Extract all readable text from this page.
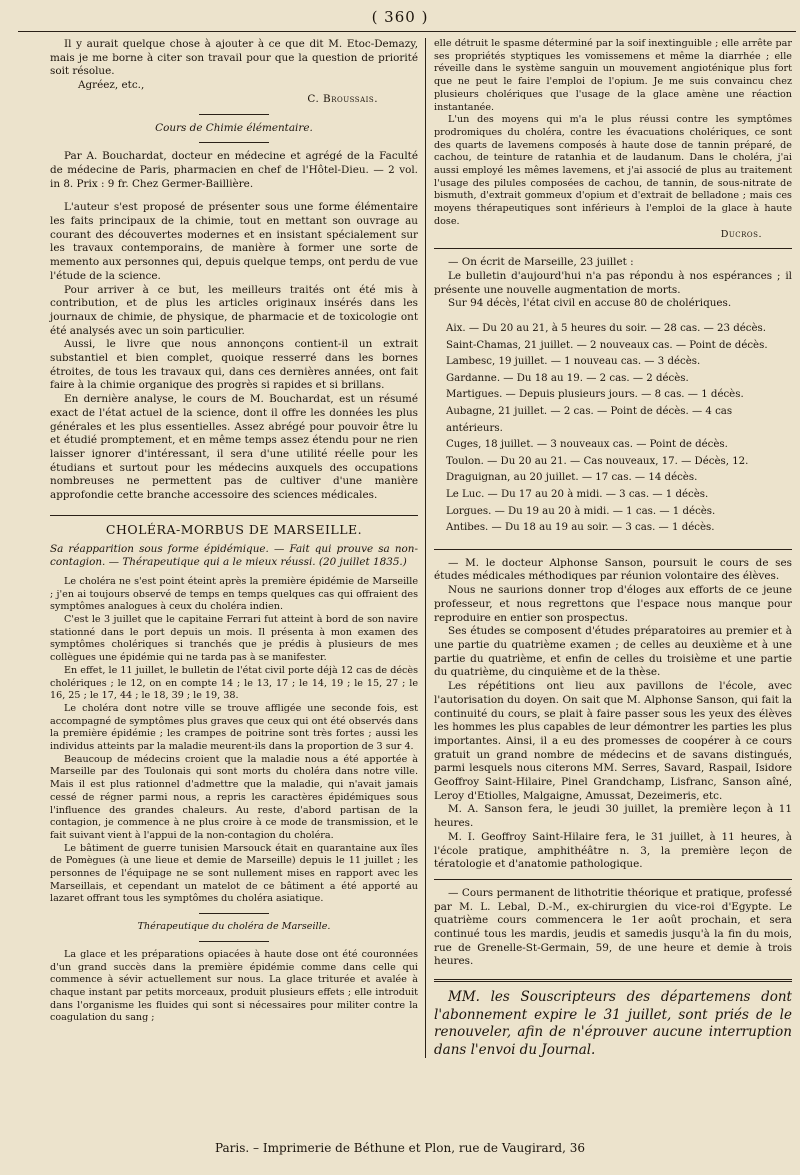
( 360 )

Il y aurait quelque chose à ajouter à ce que dit M. Etoc-Demazy, mais je me borne à citer son travail pour que la question de priorité soit résolue.

Agréez, etc.,

C. Broussais.

Cours de Chimie élémentaire.

Par A. Bouchardat, docteur en médecine et agrégé de la Faculté de médecine de Paris, pharmacien en chef de l'Hôtel-Dieu. — 2 vol. in 8. Prix : 9 fr. Chez Germer-Baillière.

L'auteur s'est proposé de présenter sous une forme élémentaire les faits principaux de la chimie, tout en mettant son ouvrage au courant des découvertes modernes et en insistant spécialement sur les travaux contemporains, de manière à former une sorte de memento aux personnes qui, depuis quelque temps, ont perdu de vue l'étude de la science.

Pour arriver à ce but, les meilleurs traités ont été mis à contribution, et de plus les articles originaux insérés dans les journaux de chimie, de physique, de pharmacie et de toxicologie ont été analysés avec un soin particulier.

Aussi, le livre que nous annonçons contient-il un extrait substantiel et bien complet, quoique resserré dans les bornes étroites, de tous les travaux qui, dans ces dernières années, ont fait faire à la chimie organique des progrès si rapides et si brillans.

En dernière analyse, le cours de M. Bouchardat, est un résumé exact de l'état actuel de la science, dont il offre les données les plus générales et les plus essentielles. Assez abrégé pour pouvoir être lu et étudié promptement, et en même temps assez étendu pour ne rien laisser ignorer d'intéressant, il sera d'une utilité réelle pour les étudians et surtout pour les médecins auxquels des occupations nombreuses ne permettent pas de cultiver d'une manière approfondie cette branche accessoire des sciences médicales.

CHOLÉRA-MORBUS DE MARSEILLE.

Sa réapparition sous forme épidémique. — Fait qui prouve sa non-contagion. — Thérapeutique qui a le mieux réussi. (20 juillet 1835.)

Le choléra ne s'est point éteint après la première épidémie de Marseille ; j'en ai toujours observé de temps en temps quelques cas qui offraient des symptômes analogues à ceux du choléra indien.

C'est le 3 juillet que le capitaine Ferrari fut atteint à bord de son navire stationné dans le port depuis un mois. Il présenta à mon examen des symptômes cholériques si tranchés que je prédis à plusieurs de mes collègues une épidémie qui ne tarda pas à se manifester.

En effet, le 11 juillet, le bulletin de l'état civil porte déjà 12 cas de décès cholériques ; le 12, on en compte 14 ; le 13, 17 ; le 14, 19 ; le 15, 27 ; le 16, 25 ; le 17, 44 ; le 18, 39 ; le 19, 38.

Le choléra dont notre ville se trouve affligée une seconde fois, est accompagné de symptômes plus graves que ceux qui ont été observés dans la première épidémie ; les crampes de poitrine sont très fortes ; aussi les individus atteints par la maladie meurent-ils dans la proportion de 3 sur 4.

Beaucoup de médecins croient que la maladie nous a été apportée à Marseille par des Toulonais qui sont morts du choléra dans notre ville. Mais il est plus rationnel d'admettre que la maladie, qui n'avait jamais cessé de régner parmi nous, a repris les caractères épidémiques sous l'influence des grandes chaleurs. Au reste, d'abord partisan de la contagion, je commence à ne plus croire à ce mode de transmission, et le fait suivant vient à l'appui de la non-contagion du choléra.

Le bâtiment de guerre tunisien Marsouck était en quarantaine aux îles de Pomègues (à une lieue et demie de Marseille) depuis le 11 juillet ; les personnes de l'équipage ne se sont nullement mises en rapport avec les Marseillais, et cependant un matelot de ce bâtiment a été apporté au lazaret offrant tous les symptômes du choléra asiatique.

Thérapeutique du choléra de Marseille.

La glace et les préparations opiacées à haute dose ont été couronnées d'un grand succès dans la première épidémie comme dans celle qui commence à sévir actuellement sur nous. La glace triturée et avalée à chaque instant par petits morceaux, produit plusieurs effets ; elle introduit dans l'organisme les fluides qui sont si nécessaires pour militer contre la coagulation du sang ;

elle détruit le spasme déterminé par la soif inextinguible ; elle arrête par ses propriétés styptiques les vomissemens et même la diarrhée ; elle réveille dans le système sanguin un mouvement angioténique plus fort que ne peut le faire l'emploi de l'opium. Je me suis convaincu chez plusieurs cholériques que l'usage de la glace amène une réaction instantanée.

L'un des moyens qui m'a le plus réussi contre les symptômes prodromiques du choléra, contre les évacuations cholériques, ce sont des quarts de lavemens composés à haute dose de tannin préparé, de cachou, de teinture de ratanhia et de laudanum. Dans le choléra, j'ai aussi employé les mêmes lavemens, et j'ai associé de plus au traitement l'usage des pilules composées de cachou, de tannin, de sous-nitrate de bismuth, d'extrait gommeux d'opium et d'extrait de belladone ; mais ces moyens thérapeutiques sont inférieurs à l'emploi de la glace à haute dose.

Ducros.

— On écrit de Marseille, 23 juillet :

Le bulletin d'aujourd'hui n'a pas répondu à nos espérances ; il présente une nouvelle augmentation de morts.

Sur 94 décès, l'état civil en accuse 80 de cholériques.

Aix. — Du 20 au 21, à 5 heures du soir. — 28 cas. — 23 décès.
Saint-Chamas, 21 juillet. — 2 nouveaux cas. — Point de décès.
Lambesc, 19 juillet. — 1 nouveau cas. — 3 décès.
Gardanne. — Du 18 au 19. — 2 cas. — 2 décès.
Martigues. — Depuis plusieurs jours. — 8 cas. — 1 décès.
Aubagne, 21 juillet. — 2 cas. — Point de décès. — 4 cas antérieurs.
Cuges, 18 juillet. — 3 nouveaux cas. — Point de décès.
Toulon. — Du 20 au 21. — Cas nouveaux, 17. — Décès, 12.
Draguignan, au 20 juillet. — 17 cas. — 14 décès.
Le Luc. — Du 17 au 20 à midi. — 3 cas. — 1 décès.
Lorgues. — Du 19 au 20 à midi. — 1 cas. — 1 décès.
Antibes. — Du 18 au 19 au soir. — 3 cas. — 1 décès.

— M. le docteur Alphonse Sanson, poursuit le cours de ses études médicales méthodiques par réunion volontaire des élèves.

Nous ne saurions donner trop d'éloges aux efforts de ce jeune professeur, et nous regrettons que l'espace nous manque pour reproduire en entier son prospectus.

Ses études se composent d'études préparatoires au premier et à une partie du quatrième examen ; de celles au deuxième et à une partie du quatrième, et enfin de celles du troisième et une partie du quatrième, du cinquième et de la thèse.

Les répétitions ont lieu aux pavillons de l'école, avec l'autorisation du doyen. On sait que M. Alphonse Sanson, qui fait la continuité du cours, se plait à faire passer sous les yeux des élèves les hommes les plus capables de leur démontrer les parties les plus importantes. Ainsi, il a eu des promesses de coopérer à ce cours gratuit un grand nombre de médecins et de savans distingués, parmi lesquels nous citerons MM. Serres, Savard, Raspail, Isidore Geoffroy Saint-Hilaire, Pinel Grandchamp, Lisfranc, Sanson aîné, Leroy d'Etiolles, Malgaigne, Amussat, Dezeimeris, etc.

M. A. Sanson fera, le jeudi 30 juillet, la première leçon à 11 heures.

M. I. Geoffroy Saint-Hilaire fera, le 31 juillet, à 11 heures, à l'école pratique, amphithéâtre n. 3, la première leçon de tératologie et d'anatomie pathologique.

— Cours permanent de lithotritie théorique et pratique, professé par M. L. Lebal, D.-M., ex-chirurgien du vice-roi d'Egypte. Le quatrième cours commencera le 1er août prochain, et sera continué tous les mardis, jeudis et samedis jusqu'à la fin du mois, rue de Grenelle-St-Germain, 59, de une heure et demie à trois heures.

MM. les Souscripteurs des départemens dont l'abonnement expire le 31 juillet, sont priés de le renouveler, afin de n'éprouver aucune interruption dans l'envoi du Journal.

Paris. – Imprimerie de Béthune et Plon, rue de Vaugirard, 36
